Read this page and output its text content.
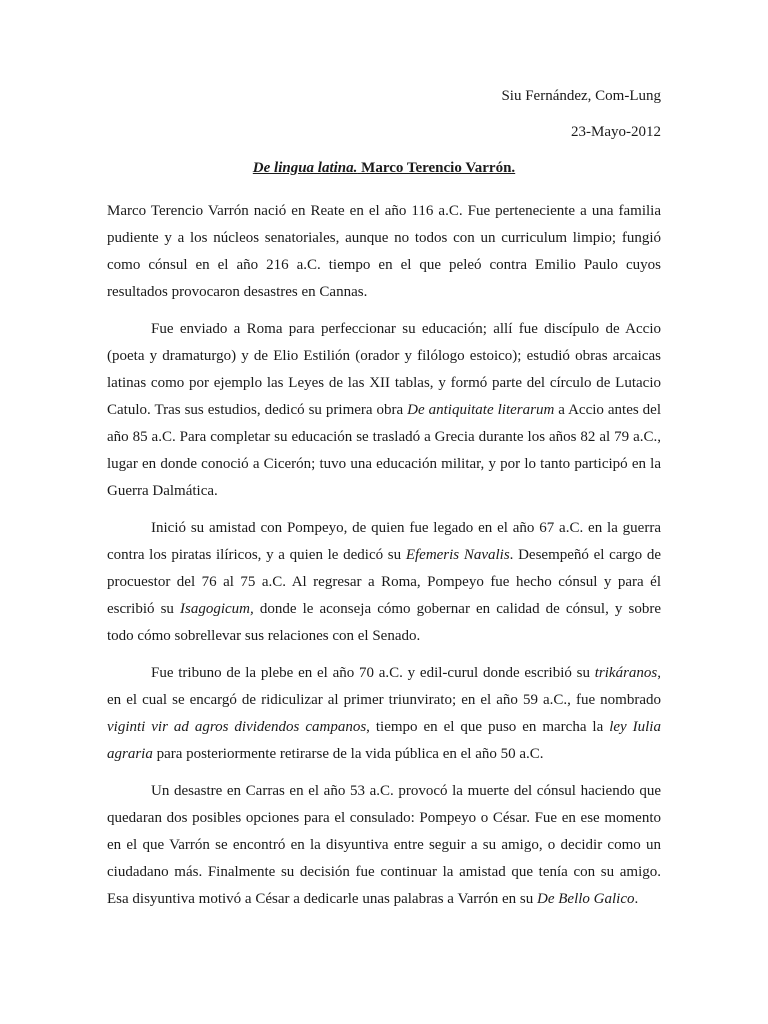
Siu Fernández, Com-Lung
23-Mayo-2012
De lingua latina. Marco Terencio Varrón.

Marco Terencio Varrón nació en Reate en el año 116 a.C. Fue perteneciente a una familia pudiente y a los núcleos senatoriales, aunque no todos con un curriculum limpio; fungió como cónsul en el año 216 a.C. tiempo en el que peleó contra Emilio Paulo cuyos resultados provocaron desastres en Cannas.

Fue enviado a Roma para perfeccionar su educación; allí fue discípulo de Accio (poeta y dramaturgo) y de Elio Estilión (orador y filólogo estoico); estudió obras arcaicas latinas como por ejemplo las Leyes de las XII tablas, y formó parte del círculo de Lutacio Catulo. Tras sus estudios, dedicó su primera obra De antiquitate literarum a Accio antes del año 85 a.C. Para completar su educación se trasladó a Grecia durante los años 82 al 79 a.C., lugar en donde conoció a Cicerón; tuvo una educación militar, y por lo tanto participó en la Guerra Dalmática.

Inició su amistad con Pompeyo, de quien fue legado en el año 67 a.C. en la guerra contra los piratas ilíricos, y a quien le dedicó su Efemeris Navalis. Desempeñó el cargo de procuestor del 76 al 75 a.C. Al regresar a Roma, Pompeyo fue hecho cónsul y para él escribió su Isagogicum, donde le aconseja cómo gobernar en calidad de cónsul, y sobre todo cómo sobrellevar sus relaciones con el Senado.

Fue tribuno de la plebe en el año 70 a.C. y edil-curul donde escribió su trikáranos, en el cual se encargó de ridiculizar al primer triunvirato; en el año 59 a.C., fue nombrado viginti vir ad agros dividendos campanos, tiempo en el que puso en marcha la ley Iulia agraria para posteriormente retirarse de la vida pública en el año 50 a.C.

Un desastre en Carras en el año 53 a.C. provocó la muerte del cónsul haciendo que quedaran dos posibles opciones para el consulado: Pompeyo o César. Fue en ese momento en el que Varrón se encontró en la disyuntiva entre seguir a su amigo, o decidir como un ciudadano más. Finalmente su decisión fue continuar la amistad que tenía con su amigo. Esa disyuntiva motivó a César a dedicarle unas palabras a Varrón en su De Bello Galico.
